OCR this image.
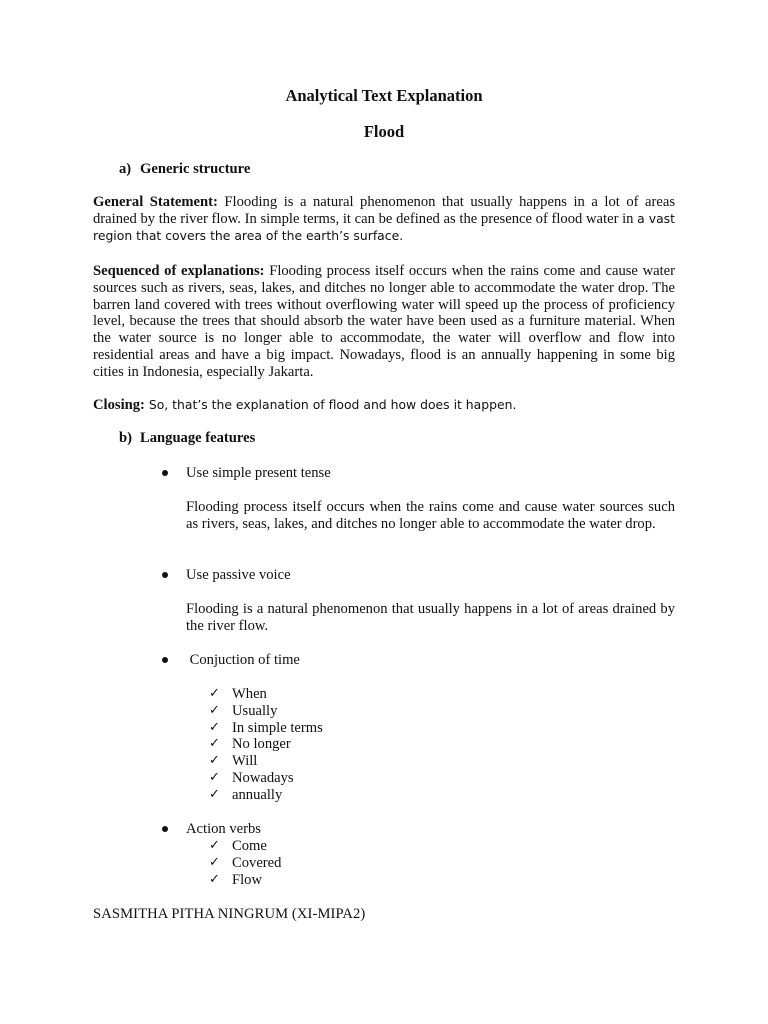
Analytical Text Explanation
Flood
a) Generic structure
General Statement: Flooding is a natural phenomenon that usually happens in a lot of areas drained by the river flow. In simple terms, it can be defined as the presence of flood water in a vast region that covers the area of the earth’s surface.
Sequenced of explanations: Flooding process itself occurs when the rains come and cause water sources such as rivers, seas, lakes, and ditches no longer able to accommodate the water drop. The barren land covered with trees without overflowing water will speed up the process of proficiency level, because the trees that should absorb the water have been used as a furniture material. When the water source is no longer able to accommodate, the water will overflow and flow into residential areas and have a big impact. Nowadays, flood is an annually happening in some big cities in Indonesia, especially Jakarta.
Closing: So, that’s the explanation of flood and how does it happen.
b) Language features
Use simple present tense
Flooding process itself occurs when the rains come and cause water sources such as rivers, seas, lakes, and ditches no longer able to accommodate the water drop.
Use passive voice
Flooding is a natural phenomenon that usually happens in a lot of areas drained by the river flow.
Conjuction of time
✓ When
✓ Usually
✓ In simple terms
✓ No longer
✓ Will
✓ Nowadays
✓ annually
Action verbs
✓ Come
✓ Covered
✓ Flow
SASMITHA PITHA NINGRUM (XI-MIPA2)
